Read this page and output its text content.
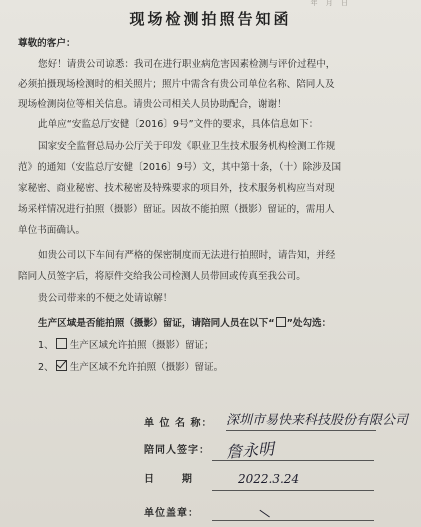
年 月 日
现场检测拍照告知函
尊敬的客户：
您好！请贵公司谅悉：我司在进行职业病危害因素检测与评价过程中，
必须拍摄现场检测时的相关照片；照片中需含有贵公司单位名称、陪同人及
现场检测岗位等相关信息。请贵公司相关人员协助配合，谢谢！
此单应“安监总厅安健〔2016〕9号”文件的要求，具体信息如下：
国家安全监督总局办公厅关于印发《职业卫生技术服务机构检测工作规
范》的通知（安监总厅安健〔2016〕9号）文，其中第十条，（十）除涉及国
家秘密、商业秘密、技术秘密及特殊要求的项目外，技术服务机构应当对现
场采样情况进行拍照（摄影）留证。因故不能拍照（摄影）留证的，需用人
单位书面确认。
如贵公司以下车间有严格的保密制度而无法进行拍照时，请告知，并经
陪同人员签字后，将原件交给我公司检测人员带回或传真至我公司。
贵公司带来的不便之处请谅解！
生产区域是否能拍照（摄影）留证，请陪同人员在以下“ ”处勾选：
1、 生产区域允许拍照（摄影）留证；
2、 生产区域不允许拍照（摄影）留证。
单 位 名 称： 深圳市易快来科技股份有限公司
陪同人签字： 詹永明
日      期	2022.3.24
单位盖章：	|
